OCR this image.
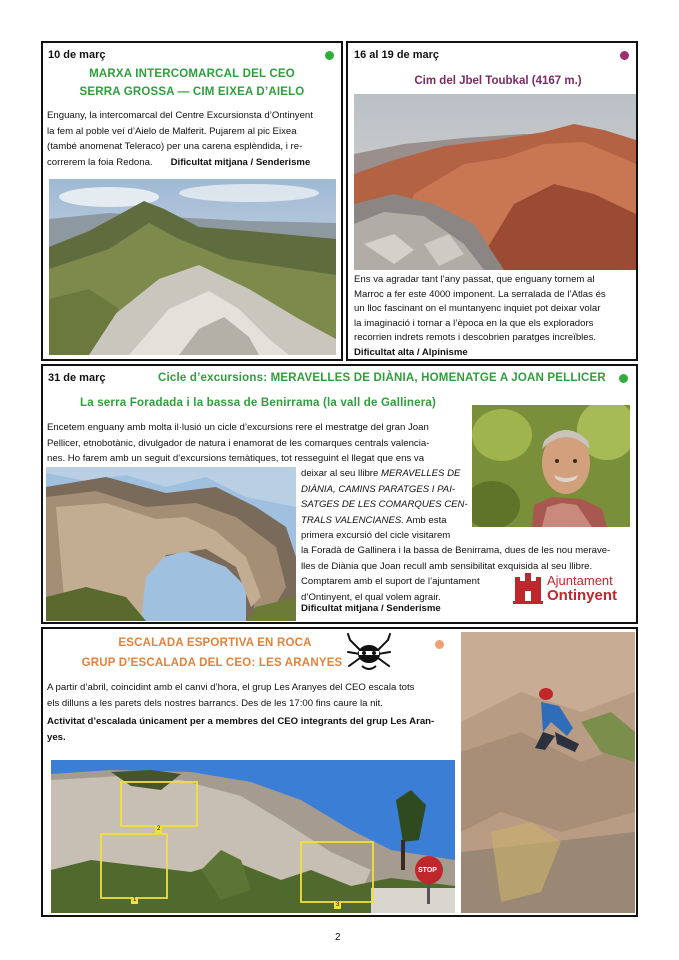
10 de març
MARXA INTERCOMARCAL DEL CEO
SERRA GROSSA — CIM EIXEA D’AIELO
Enguany, la intercomarcal del Centre Excursionsta d’Ontinyent
la fem al poble veí d’Aielo de Malferit. Pujarem al pic Eixea
(també anomenat Teleraco) per una carena esplèndida, i re-
correrem la foia Redona. Dificultat mitjana / Senderisme
16 al 19 de març
Cim del Jbel Toubkal (4167 m.)
Ens va agradar tant l’any passat, que enguany tornem al
Marroc a fer este 4000 imponent. La serralada de l’Atlas és
un lloc fascinant on el muntanyenc inquiet pot deixar volar
la imaginació i tornar a l’època en la que els exploradors
recorrien indrets remots i descobrien paratges increïbles.
Dificultat alta / Alpinisme
31 de març	Cicle d’excursions: MERAVELLES DE DIÀNIA, HOMENATGE A JOAN PELLICER
La serra Foradada i la bassa de Benirrama (la vall de Gallinera)
Encetem enguany amb molta il·lusió un cicle d’excursions rere el mestratge del gran Joan
Pellicer, etnobotànic, divulgador de natura i enamorat de les comarques centrals valencia-
nes. Ho farem amb un seguit d’excursions temàtiques, tot resseguint el llegat que ens va
deixar al seu llibre MERAVELLES DE
DIÀNIA, CAMINS PARATGES I PAI-
SATGES DE LES COMARQUES CEN-
TRALS VALENCIANES. Amb esta
primera excursió del cicle visitarem
la Foradà de Gallinera i la bassa de Benirrama, dues de les nou merave-
lles de Diània que Joan recull amb sensibilitat exquisida al seu llibre.
Comptarem amb el suport de l’ajuntament
d’Ontinyent, el qual volem agrair.
Dificultat mitjana / Senderisme
Ajuntament
Ontinyent
ESCALADA ESPORTIVA EN ROCA
GRUP D’ESCALADA DEL CEO: LES ARANYES
A partir d’abril, coincidint amb el canvi d’hora, el grup Les Aranyes del CEO escala tots
els dilluns a les parets dels nostres barrancs. Des de les 17:00 fins caure la nit.
Activitat d’escalada únicament per a membres del CEO integrants del grup Les Aran-
yes.
STOP
1
2
3
2
